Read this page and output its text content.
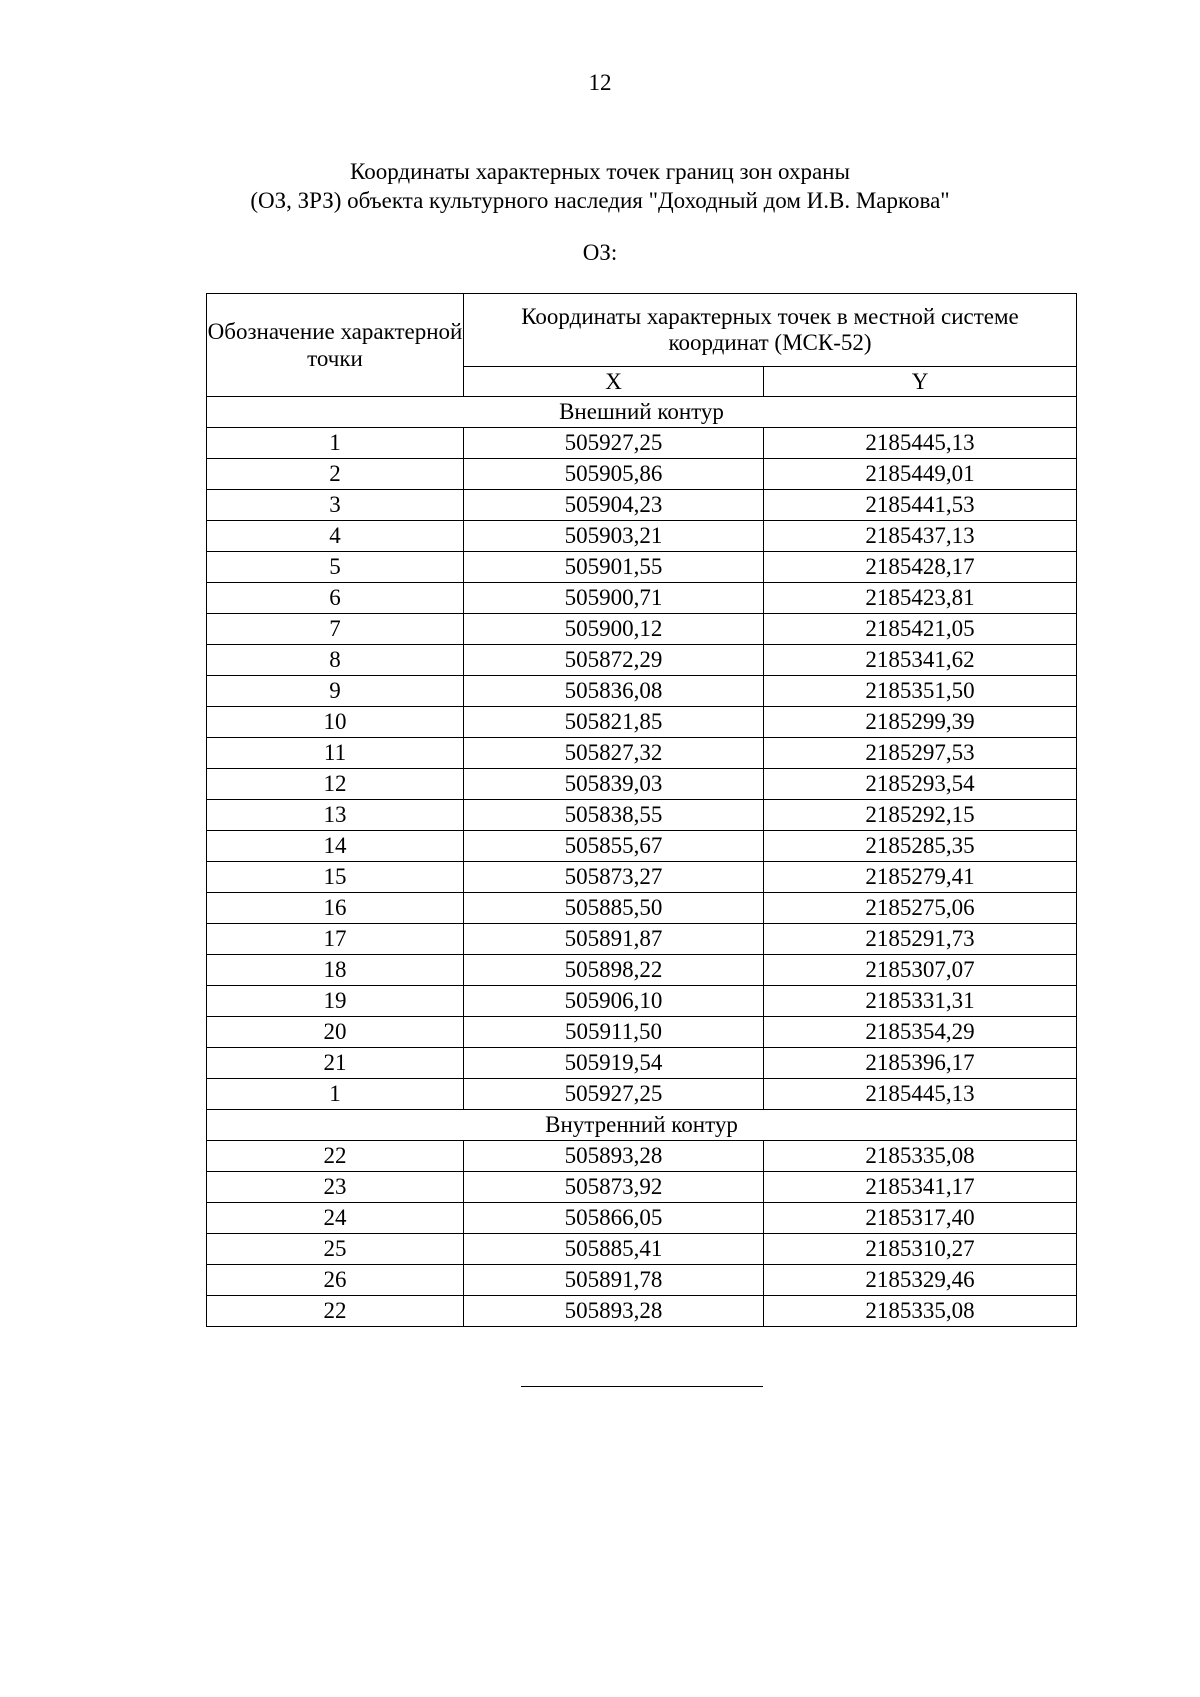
12
Координаты характерных точек границ зон охраны
(ОЗ, ЗРЗ) объекта культурного наследия "Доходный дом И.В. Маркова"
ОЗ:
Обозначение характерной точки	Координаты характерных точек в местной системе координат (МСК-52)	
	X	Y
Внешний контур		
1	505927,25	2185445,13
2	505905,86	2185449,01
3	505904,23	2185441,53
4	505903,21	2185437,13
5	505901,55	2185428,17
6	505900,71	2185423,81
7	505900,12	2185421,05
8	505872,29	2185341,62
9	505836,08	2185351,50
10	505821,85	2185299,39
11	505827,32	2185297,53
12	505839,03	2185293,54
13	505838,55	2185292,15
14	505855,67	2185285,35
15	505873,27	2185279,41
16	505885,50	2185275,06
17	505891,87	2185291,73
18	505898,22	2185307,07
19	505906,10	2185331,31
20	505911,50	2185354,29
21	505919,54	2185396,17
1	505927,25	2185445,13
Внутренний контур		
22	505893,28	2185335,08
23	505873,92	2185341,17
24	505866,05	2185317,40
25	505885,41	2185310,27
26	505891,78	2185329,46
22	505893,28	2185335,08
